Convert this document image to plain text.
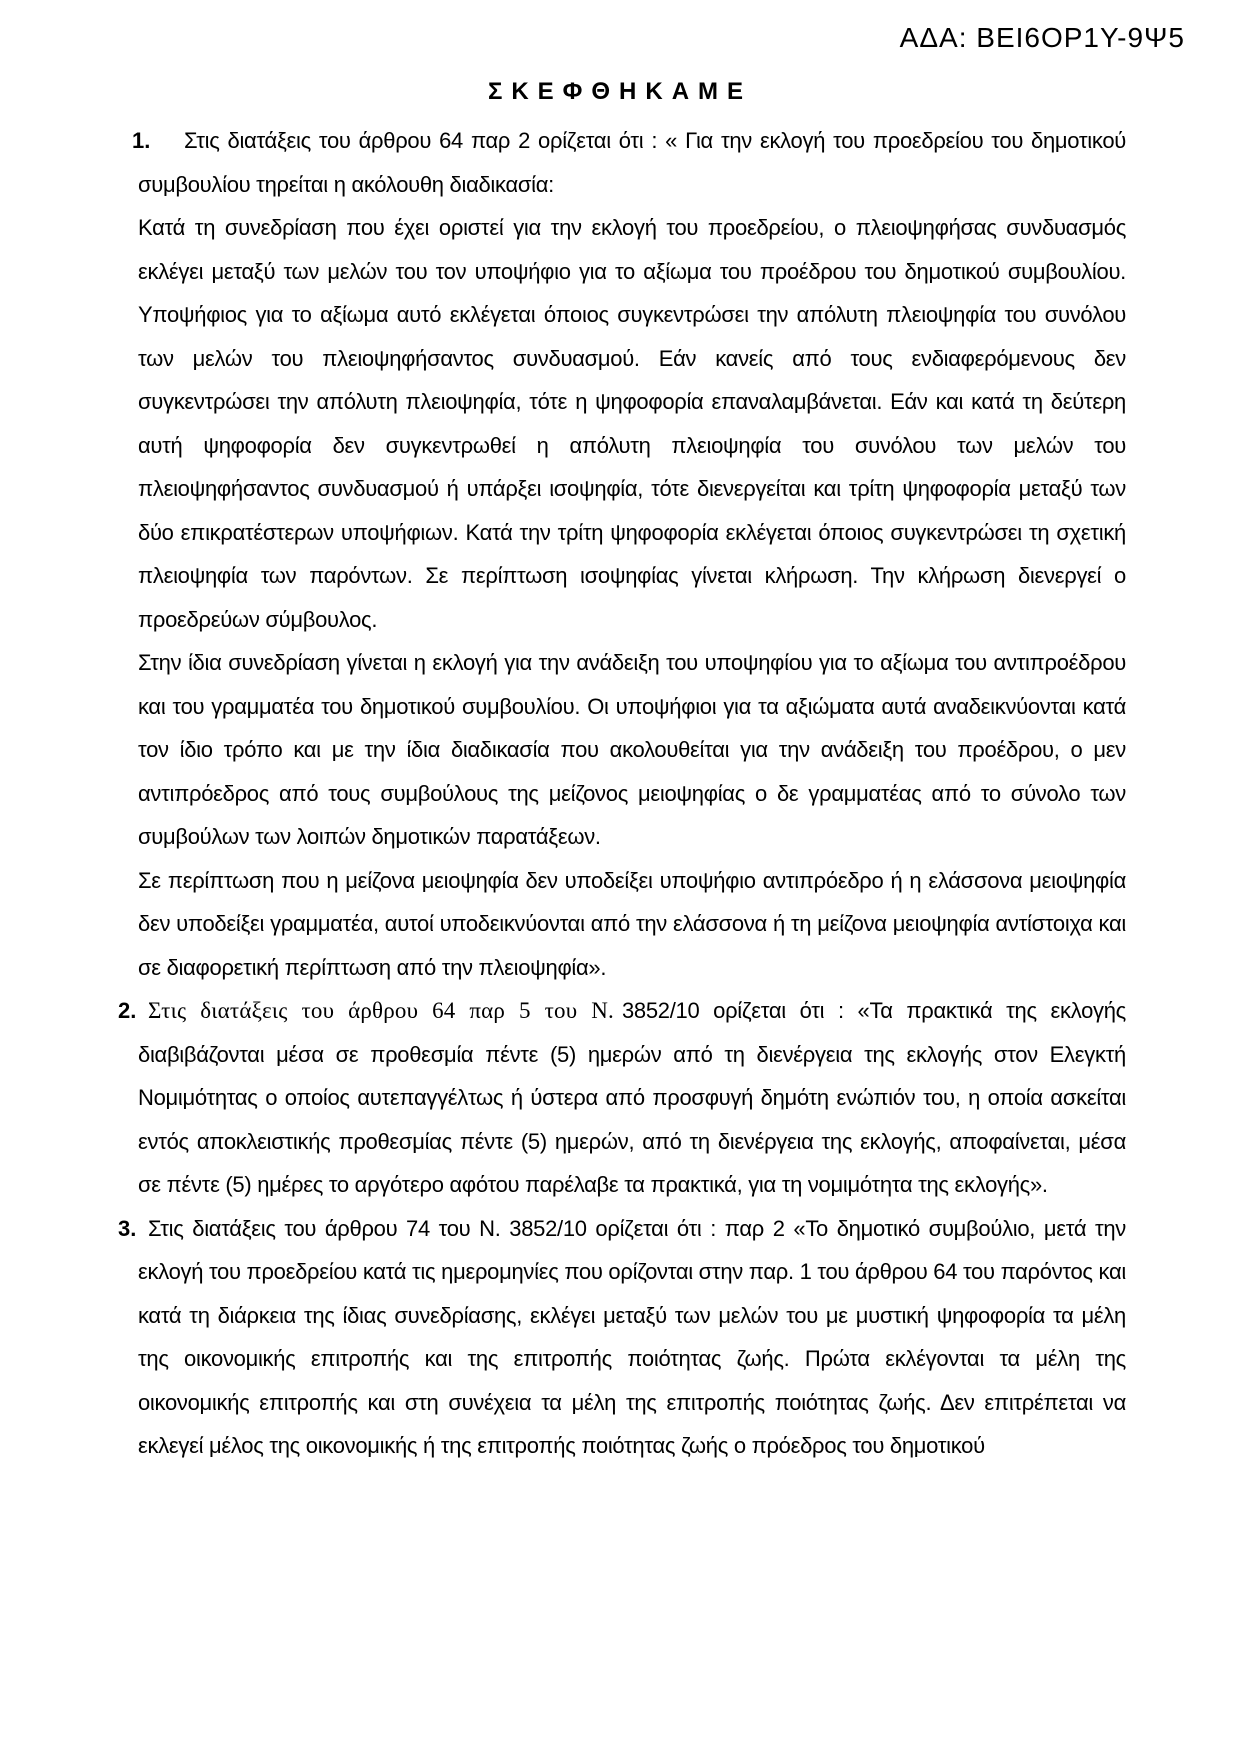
ΑΔΑ: ΒΕΙ6ΟΡ1Υ-9Ψ5
ΣΚΕΦΘΗΚΑΜΕ
1.	Στις διατάξεις του άρθρου 64 παρ 2 ορίζεται ότι : « Για την εκλογή του προεδρείου του δημοτικού συμβουλίου τηρείται η ακόλουθη διαδικασία:

Κατά τη συνεδρίαση που έχει οριστεί για την εκλογή του προεδρείου, ο πλειοψηφήσας συνδυασμός εκλέγει μεταξύ των μελών του τον υποψήφιο για το αξίωμα του προέδρου του δημοτικού συμβουλίου. Υποψήφιος για το αξίωμα αυτό εκλέγεται όποιος συγκεντρώσει την απόλυτη πλειοψηφία του συνόλου των μελών του πλειοψηφήσαντος συνδυασμού. Εάν κανείς από τους ενδιαφερόμενους δεν συγκεντρώσει την απόλυτη πλειοψηφία, τότε η ψηφοφορία επαναλαμβάνεται. Εάν και κατά τη δεύτερη αυτή ψηφοφορία δεν συγκεντρωθεί η απόλυτη πλειοψηφία του συνόλου των μελών του πλειοψηφήσαντος συνδυασμού ή υπάρξει ισοψηφία, τότε διενεργείται και τρίτη ψηφοφορία μεταξύ των δύο επικρατέστερων υποψήφιων. Κατά την τρίτη ψηφοφορία εκλέγεται όποιος συγκεντρώσει τη σχετική πλειοψηφία των παρόντων. Σε περίπτωση ισοψηφίας γίνεται κλήρωση. Την κλήρωση διενεργεί ο προεδρεύων σύμβουλος.

Στην ίδια συνεδρίαση γίνεται η εκλογή για την ανάδειξη του υποψηφίου για το αξίωμα του αντιπροέδρου και του γραμματέα του δημοτικού συμβουλίου. Οι υποψήφιοι για τα αξιώματα αυτά αναδεικνύονται κατά τον ίδιο τρόπο και με την ίδια διαδικασία που ακολουθείται για την ανάδειξη του προέδρου, ο μεν αντιπρόεδρος από τους συμβούλους της μείζονος μειοψηφίας ο δε γραμματέας από το σύνολο των συμβούλων των λοιπών δημοτικών παρατάξεων.

Σε περίπτωση που η μείζονα μειοψηφία δεν υποδείξει υποψήφιο αντιπρόεδρο ή η ελάσσονα μειοψηφία δεν υποδείξει γραμματέα, αυτοί υποδεικνύονται από την ελάσσονα ή τη μείζονα μειοψηφία αντίστοιχα και σε διαφορετική περίπτωση από την πλειοψηφία».

2. Στις διατάξεις του άρθρου 64 παρ 5 του Ν. 3852/10 ορίζεται ότι : «Τα πρακτικά της εκλογής διαβιβάζονται μέσα σε προθεσμία πέντε (5) ημερών από τη διενέργεια της εκλογής στον Ελεγκτή Νομιμότητας ο οποίος αυτεπαγγέλτως ή ύστερα από προσφυγή δημότη ενώπιόν του, η οποία ασκείται εντός αποκλειστικής προθεσμίας πέντε (5) ημερών, από τη διενέργεια της εκλογής, αποφαίνεται, μέσα σε πέντε (5) ημέρες το αργότερο αφότου παρέλαβε τα πρακτικά, για τη νομιμότητα της εκλογής».

3. Στις διατάξεις του άρθρου 74 του Ν. 3852/10 ορίζεται ότι : παρ 2 «Το δημοτικό συμβούλιο, μετά την εκλογή του προεδρείου κατά τις ημερομηνίες που ορίζονται στην παρ. 1 του άρθρου 64 του παρόντος και κατά τη διάρκεια της ίδιας συνεδρίασης, εκλέγει μεταξύ των μελών του με μυστική ψηφοφορία τα μέλη της οικονομικής επιτροπής και της επιτροπής ποιότητας ζωής. Πρώτα εκλέγονται τα μέλη της οικονομικής επιτροπής και στη συνέχεια τα μέλη της επιτροπής ποιότητας ζωής. Δεν επιτρέπεται να εκλεγεί μέλος της οικονομικής ή της επιτροπής ποιότητας ζωής ο πρόεδρος του δημοτικού
